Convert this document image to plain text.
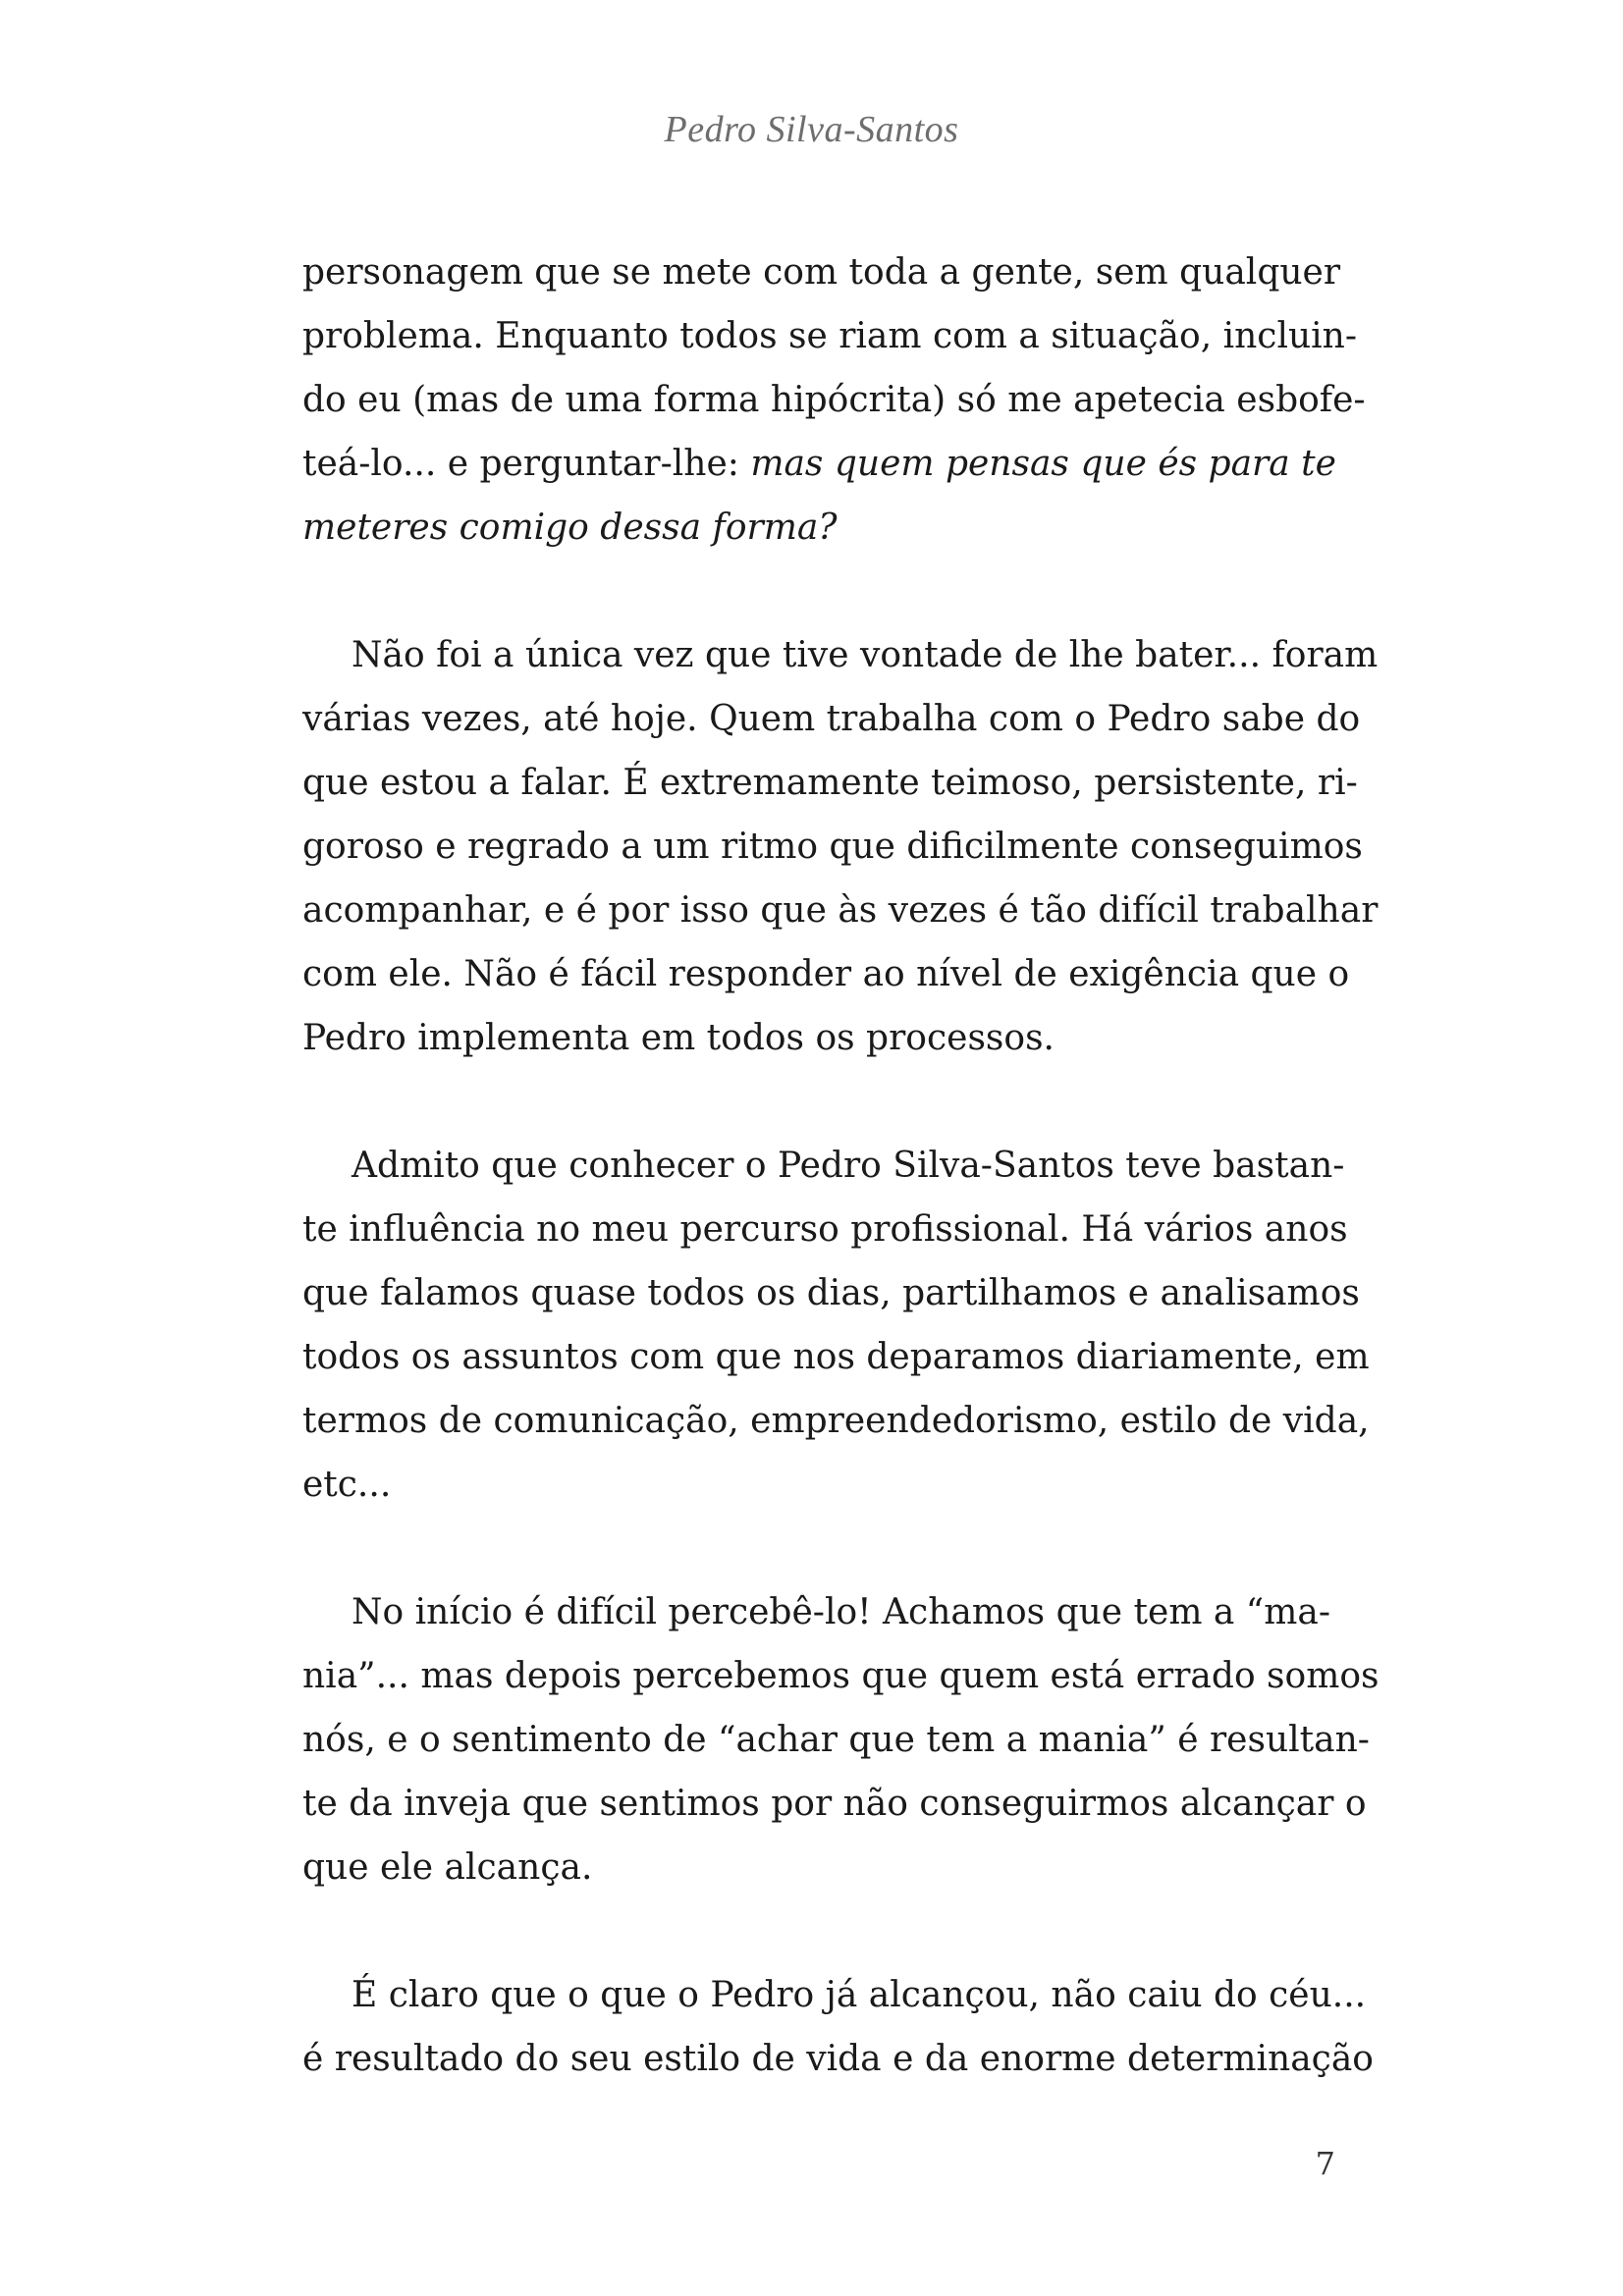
Pedro Silva-Santos
personagem que se mete com toda a gente, sem qualquer
problema. Enquanto todos se riam com a situação, incluin-
do eu (mas de uma forma hipócrita) só me apetecia esbofe-
teá-lo... e perguntar-lhe: mas quem pensas que és para te
meteres comigo dessa forma?
Não foi a única vez que tive vontade de lhe bater... foram
várias vezes, até hoje. Quem trabalha com o Pedro sabe do
que estou a falar. É extremamente teimoso, persistente, ri-
goroso e regrado a um ritmo que dificilmente conseguimos
acompanhar, e é por isso que às vezes é tão difícil trabalhar
com ele. Não é fácil responder ao nível de exigência que o
Pedro implementa em todos os processos.
Admito que conhecer o Pedro Silva-Santos teve bastan-
te influência no meu percurso profissional. Há vários anos
que falamos quase todos os dias, partilhamos e analisamos
todos os assuntos com que nos deparamos diariamente, em
termos de comunicação, empreendedorismo, estilo de vida,
etc...
No início é difícil percebê-lo! Achamos que tem a “ma-
nia”... mas depois percebemos que quem está errado somos
nós, e o sentimento de “achar que tem a mania” é resultan-
te da inveja que sentimos por não conseguirmos alcançar o
que ele alcança.
É claro que o que o Pedro já alcançou, não caiu do céu...
é resultado do seu estilo de vida e da enorme determinação
7
